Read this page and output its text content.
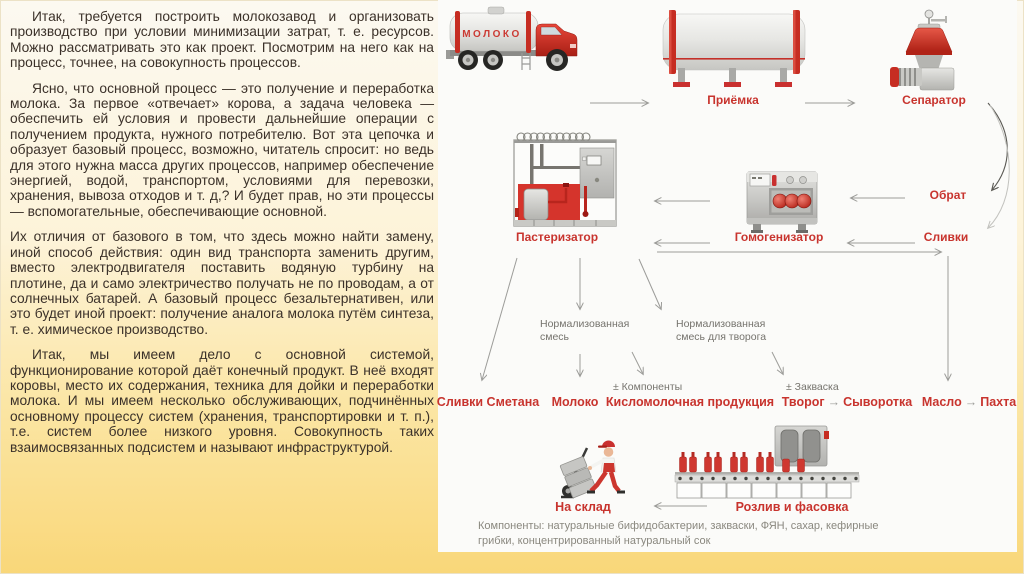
Итак, требуется построить молокозавод и организовать производство при условии минимизации затрат, т. е. ресурсов. Можно рассматривать это как проект. Посмотрим на него как на процесс, точнее, на совокупность процессов.

Ясно, что основной процесс — это получение и переработка молока. За первое «отвечает» корова, а задача человека — обеспечить ей условия и провести дальнейшие операции с получением продукта, нужного потребителю. Вот эта цепочка и образует базовый процесс, возможно, читатель спросит: но ведь для этого нужна масса других процессов, например обеспечение энергией, водой, транспортом, условиями для перевозки, хранения, вывоза отходов и т. д,? И будет прав, но эти процессы — вспомогательные, обеспечивающие основной.

Их отличия от базового в том, что здесь можно найти замену, иной способ действия: один вид транспорта заменить другим, вместо электродвигателя поставить водяную турбину на плотине, да и само электричество получать не по проводам, а от солнечных батарей. А базовый процесс безальтернативен, или это будет иной проект: получение аналога молока путём синтеза, т. е. химическое производство.

Итак, мы имеем дело с основной системой, функционирование которой даёт конечный продукт. В неё входят коровы, место их содержания, техника для дойки и переработки молока. И мы имеем несколько обслуживающих, подчинённых основному процессу систем (хранения, транспортировки и т. п.), т.е. систем более низкого уровня. Совокупность таких взаимосвязанных подсистем и называют инфраструктурой.

МОЛОКО
Приёмка	Сепаратор
Пастеризатор	Гомогенизатор
Обрат
Сливки
Нормализованная
смесь
Нормализованная
смесь для творога
± Компоненты	± Закваска
Сливки Сметана Молоко Кисломолочная продукция Творог → Сыворотка Масло → Пахта
На склад	Розлив и фасовка
Компоненты: натуральные бифидобактерии, закваски, ФЯН, сахар, кефирные грибки, концентрированный натуральный сок
